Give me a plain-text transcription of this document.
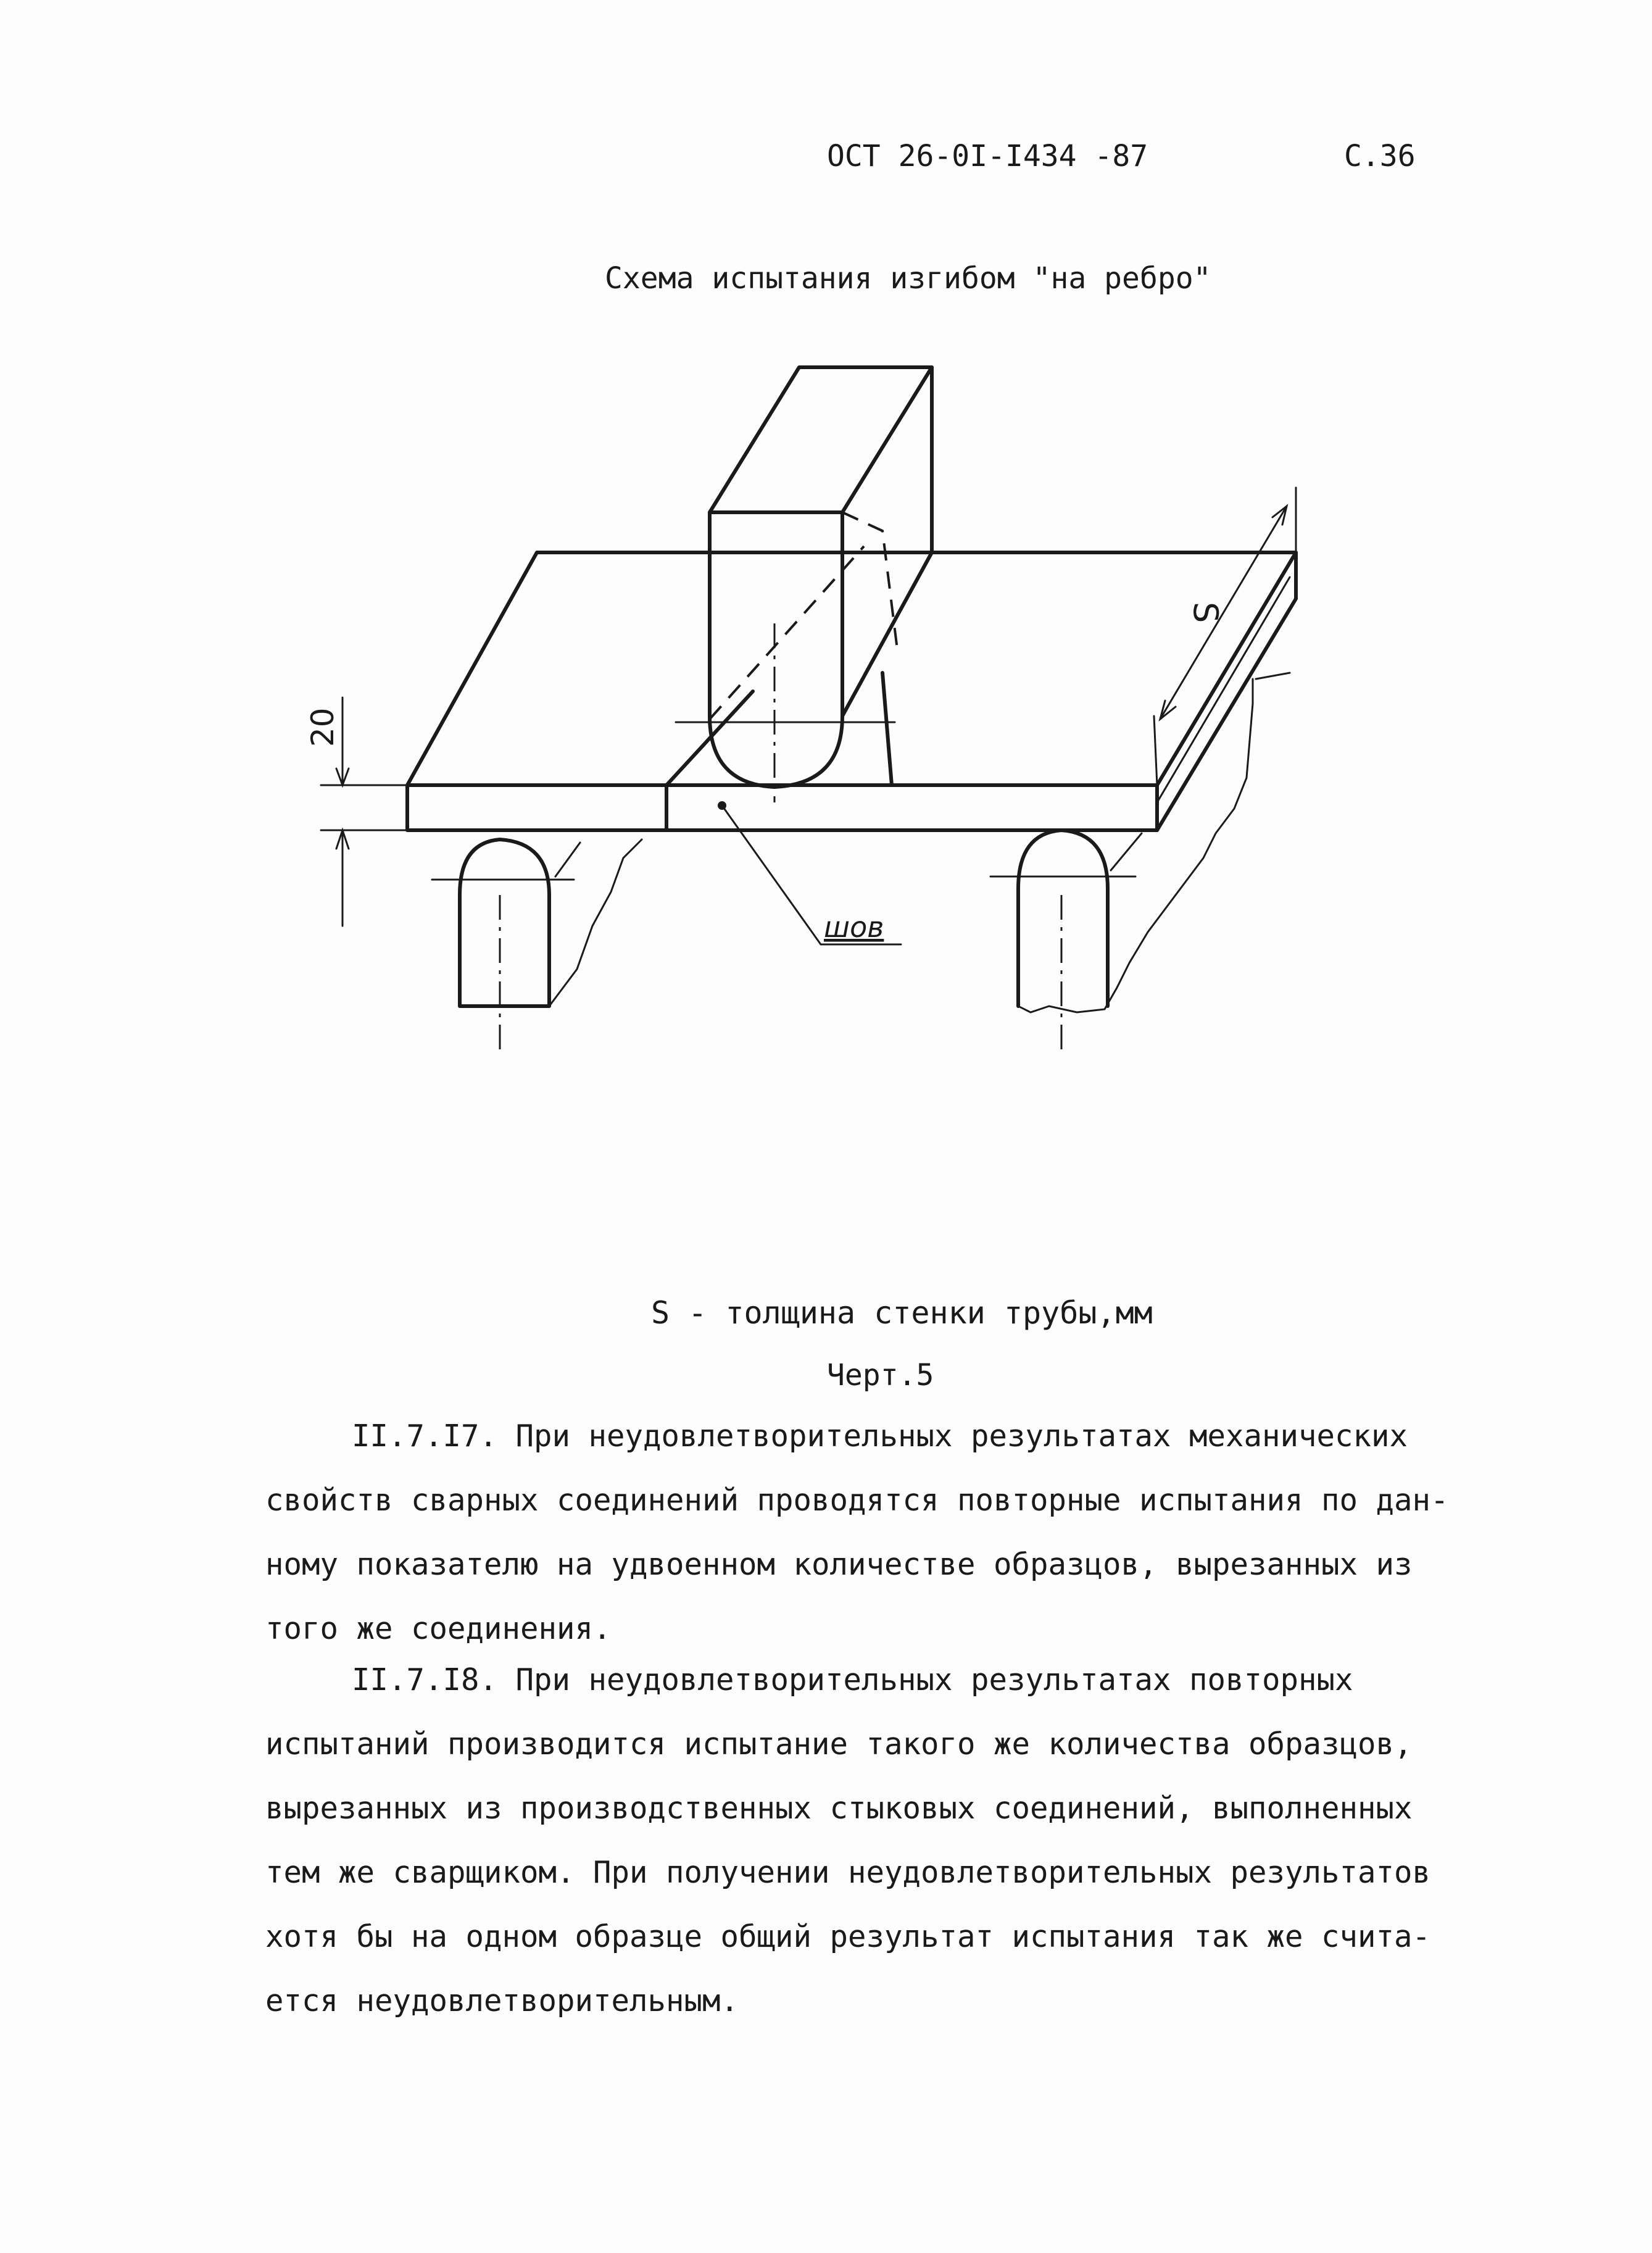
ОСТ 26-0I-I434 -87	С.36
Схема испытания изгибом "на ребро"
20
S
шов
S - толщина стенки трубы,мм
Черт.5

II.7.I7. При неудовлетворительных результатах механических

свойств сварных соединений проводятся повторные испытания по дан-

ному показателю на удвоенном количестве образцов, вырезанных из

того же соединения.

II.7.I8. При неудовлетворительных результатах повторных

испытаний производится испытание такого же количества образцов,

вырезанных из производственных стыковых соединений, выполненных

тем же сварщиком. При получении неудовлетворительных результатов

хотя бы на одном образце общий результат испытания так же счита-

ется неудовлетворительным.
